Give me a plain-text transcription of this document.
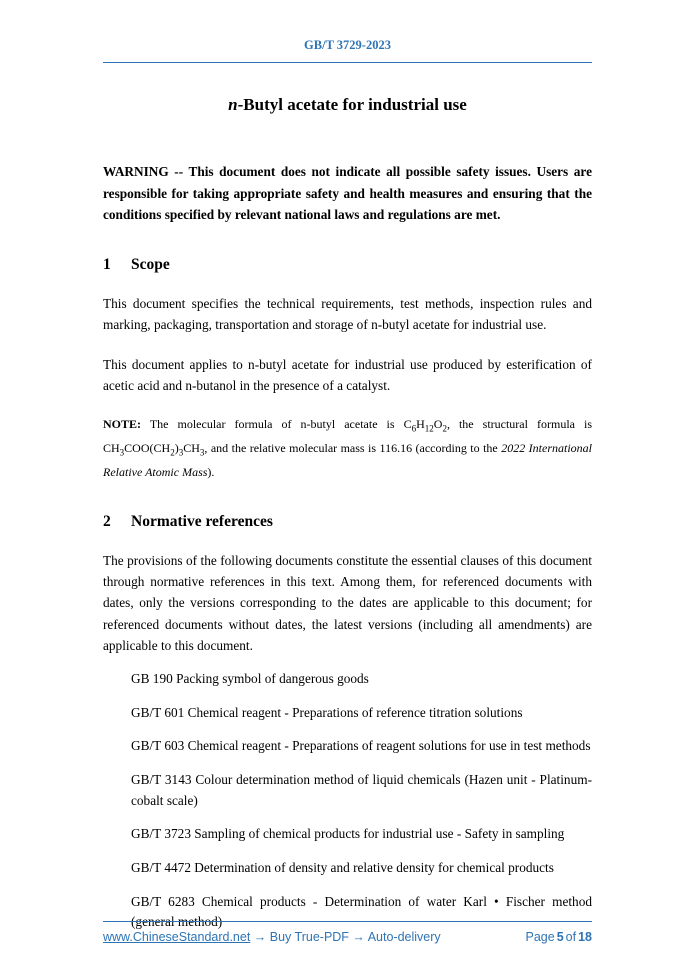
GB/T 3729-2023
n-Butyl acetate for industrial use

WARNING -- This document does not indicate all possible safety issues. Users are responsible for taking appropriate safety and health measures and ensuring that the conditions specified by relevant national laws and regulations are met.

1 Scope

This document specifies the technical requirements, test methods, inspection rules and marking, packaging, transportation and storage of n-butyl acetate for industrial use.

This document applies to n-butyl acetate for industrial use produced by esterification of acetic acid and n-butanol in the presence of a catalyst.

NOTE: The molecular formula of n-butyl acetate is $C_6H_{12}O_2$, the structural formula is $CH_3COO(CH_2)_3CH_3$, and the relative molecular mass is 116.16 (according to the 2022 International Relative Atomic Mass).

2 Normative references

The provisions of the following documents constitute the essential clauses of this document through normative references in this text. Among them, for referenced documents with dates, only the versions corresponding to the dates are applicable to this document; for referenced documents without dates, the latest versions (including all amendments) are applicable to this document.

GB 190 Packing symbol of dangerous goods

GB/T 601 Chemical reagent - Preparations of reference titration solutions

GB/T 603 Chemical reagent - Preparations of reagent solutions for use in test methods

GB/T 3143 Colour determination method of liquid chemicals (Hazen unit - Platinum-cobalt scale)

GB/T 3723 Sampling of chemical products for industrial use - Safety in sampling

GB/T 4472 Determination of density and relative density for chemical products

GB/T 6283 Chemical products - Determination of water Karl • Fischer method (general method)

www.ChineseStandard.net → Buy True-PDF → Auto-delivery	Page 5 of 18
